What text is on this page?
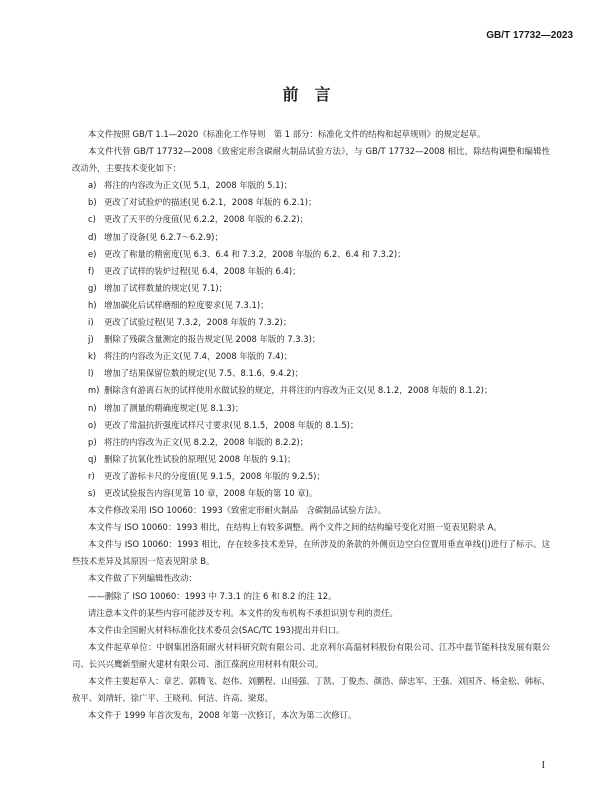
GB/T 17732—2023
前　言

本文件按照 GB/T 1.1—2020《标准化工作导则　第 1 部分：标准化文件的结构和起草规则》的规定起草。

本文件代替 GB/T 17732—2008《致密定形含碳耐火制品试验方法》，与 GB/T 17732—2008 相比，除结构调整和编辑性改动外，主要技术变化如下：

a) 将注的内容改为正文(见 5.1，2008 年版的 5.1)；
b) 更改了对试验炉的描述(见 6.2.1，2008 年版的 6.2.1)；
c) 更改了天平的分度值(见 6.2.2，2008 年版的 6.2.2)；
d) 增加了设备(见 6.2.7～6.2.9)；
e) 更改了称量的精密度(见 6.3、6.4 和 7.3.2，2008 年版的 6.2、6.4 和 7.3.2)；
f)	更改了试样的装炉过程(见 6.4，2008 年版的 6.4)；
g) 增加了试样数量的规定(见 7.1)；
h) 增加碳化后试样磨细的粒度要求(见 7.3.1)；
i)	更改了试验过程(见 7.3.2，2008 年版的 7.3.2)；
j)	删除了残碳含量测定的报告规定(见 2008 年版的 7.3.3)；
k) 将注的内容改为正文(见 7.4，2008 年版的 7.4)；
l)	增加了结果保留位数的规定(见 7.5、8.1.6、9.4.2)；
m) 删除含有游离石灰的试样使用水做试验的规定，并将注的内容改为正文(见 8.1.2，2008 年版的 8.1.2)；
n) 增加了测量的精确度规定(见 8.1.3)；
o) 更改了常温抗折强度试样尺寸要求(见 8.1.5，2008 年版的 8.1.5)；
p) 将注的内容改为正文(见 8.2.2，2008 年版的 8.2.2)；
q) 删除了抗氧化性试验的原理(见 2008 年版的 9.1)；
r)	更改了游标卡尺的分度值(见 9.1.5，2008 年版的 9.2.5)；
s) 更改试验报告内容(见第 10 章，2008 年版的第 10 章)。

本文件修改采用 ISO 10060：1993《致密定形耐火制品　含碳制品试验方法》。

本文件与 ISO 10060：1993 相比，在结构上有较多调整。两个文件之间的结构编号变化对照一览表见附录 A。

本文件与 ISO 10060：1993 相比，存在较多技术差异，在所涉及的条款的外侧页边空白位置用垂直单线(|)进行了标示。这些技术差异及其原因一览表见附录 B。

本文件做了下列编辑性改动：

——删除了 ISO 10060：1993 中 7.3.1 的注 6 和 8.2 的注 12。

请注意本文件的某些内容可能涉及专利。本文件的发布机构不承担识别专利的责任。

本文件由全国耐火材料标准化技术委员会(SAC/TC 193)提出并归口。

本文件起草单位：中钢集团洛阳耐火材料研究院有限公司、北京利尔高温材料股份有限公司、江苏中磊节能科技发展有限公司、长兴兴鹰新型耐火建材有限公司、浙江葆润应用材料有限公司。

本文件主要起草人：章艺、郭腾飞、赵伟、刘鹏程、山国强、丁凯、丁俊杰、颜浩、薛忠军、王强、刘国齐、杨金松、韩标、敖平、刘靖轩、徐广平、王晓利、何洁、许高、梁郑。

本文件于 1999 年首次发布，2008 年第一次修订，本次为第二次修订。

I
